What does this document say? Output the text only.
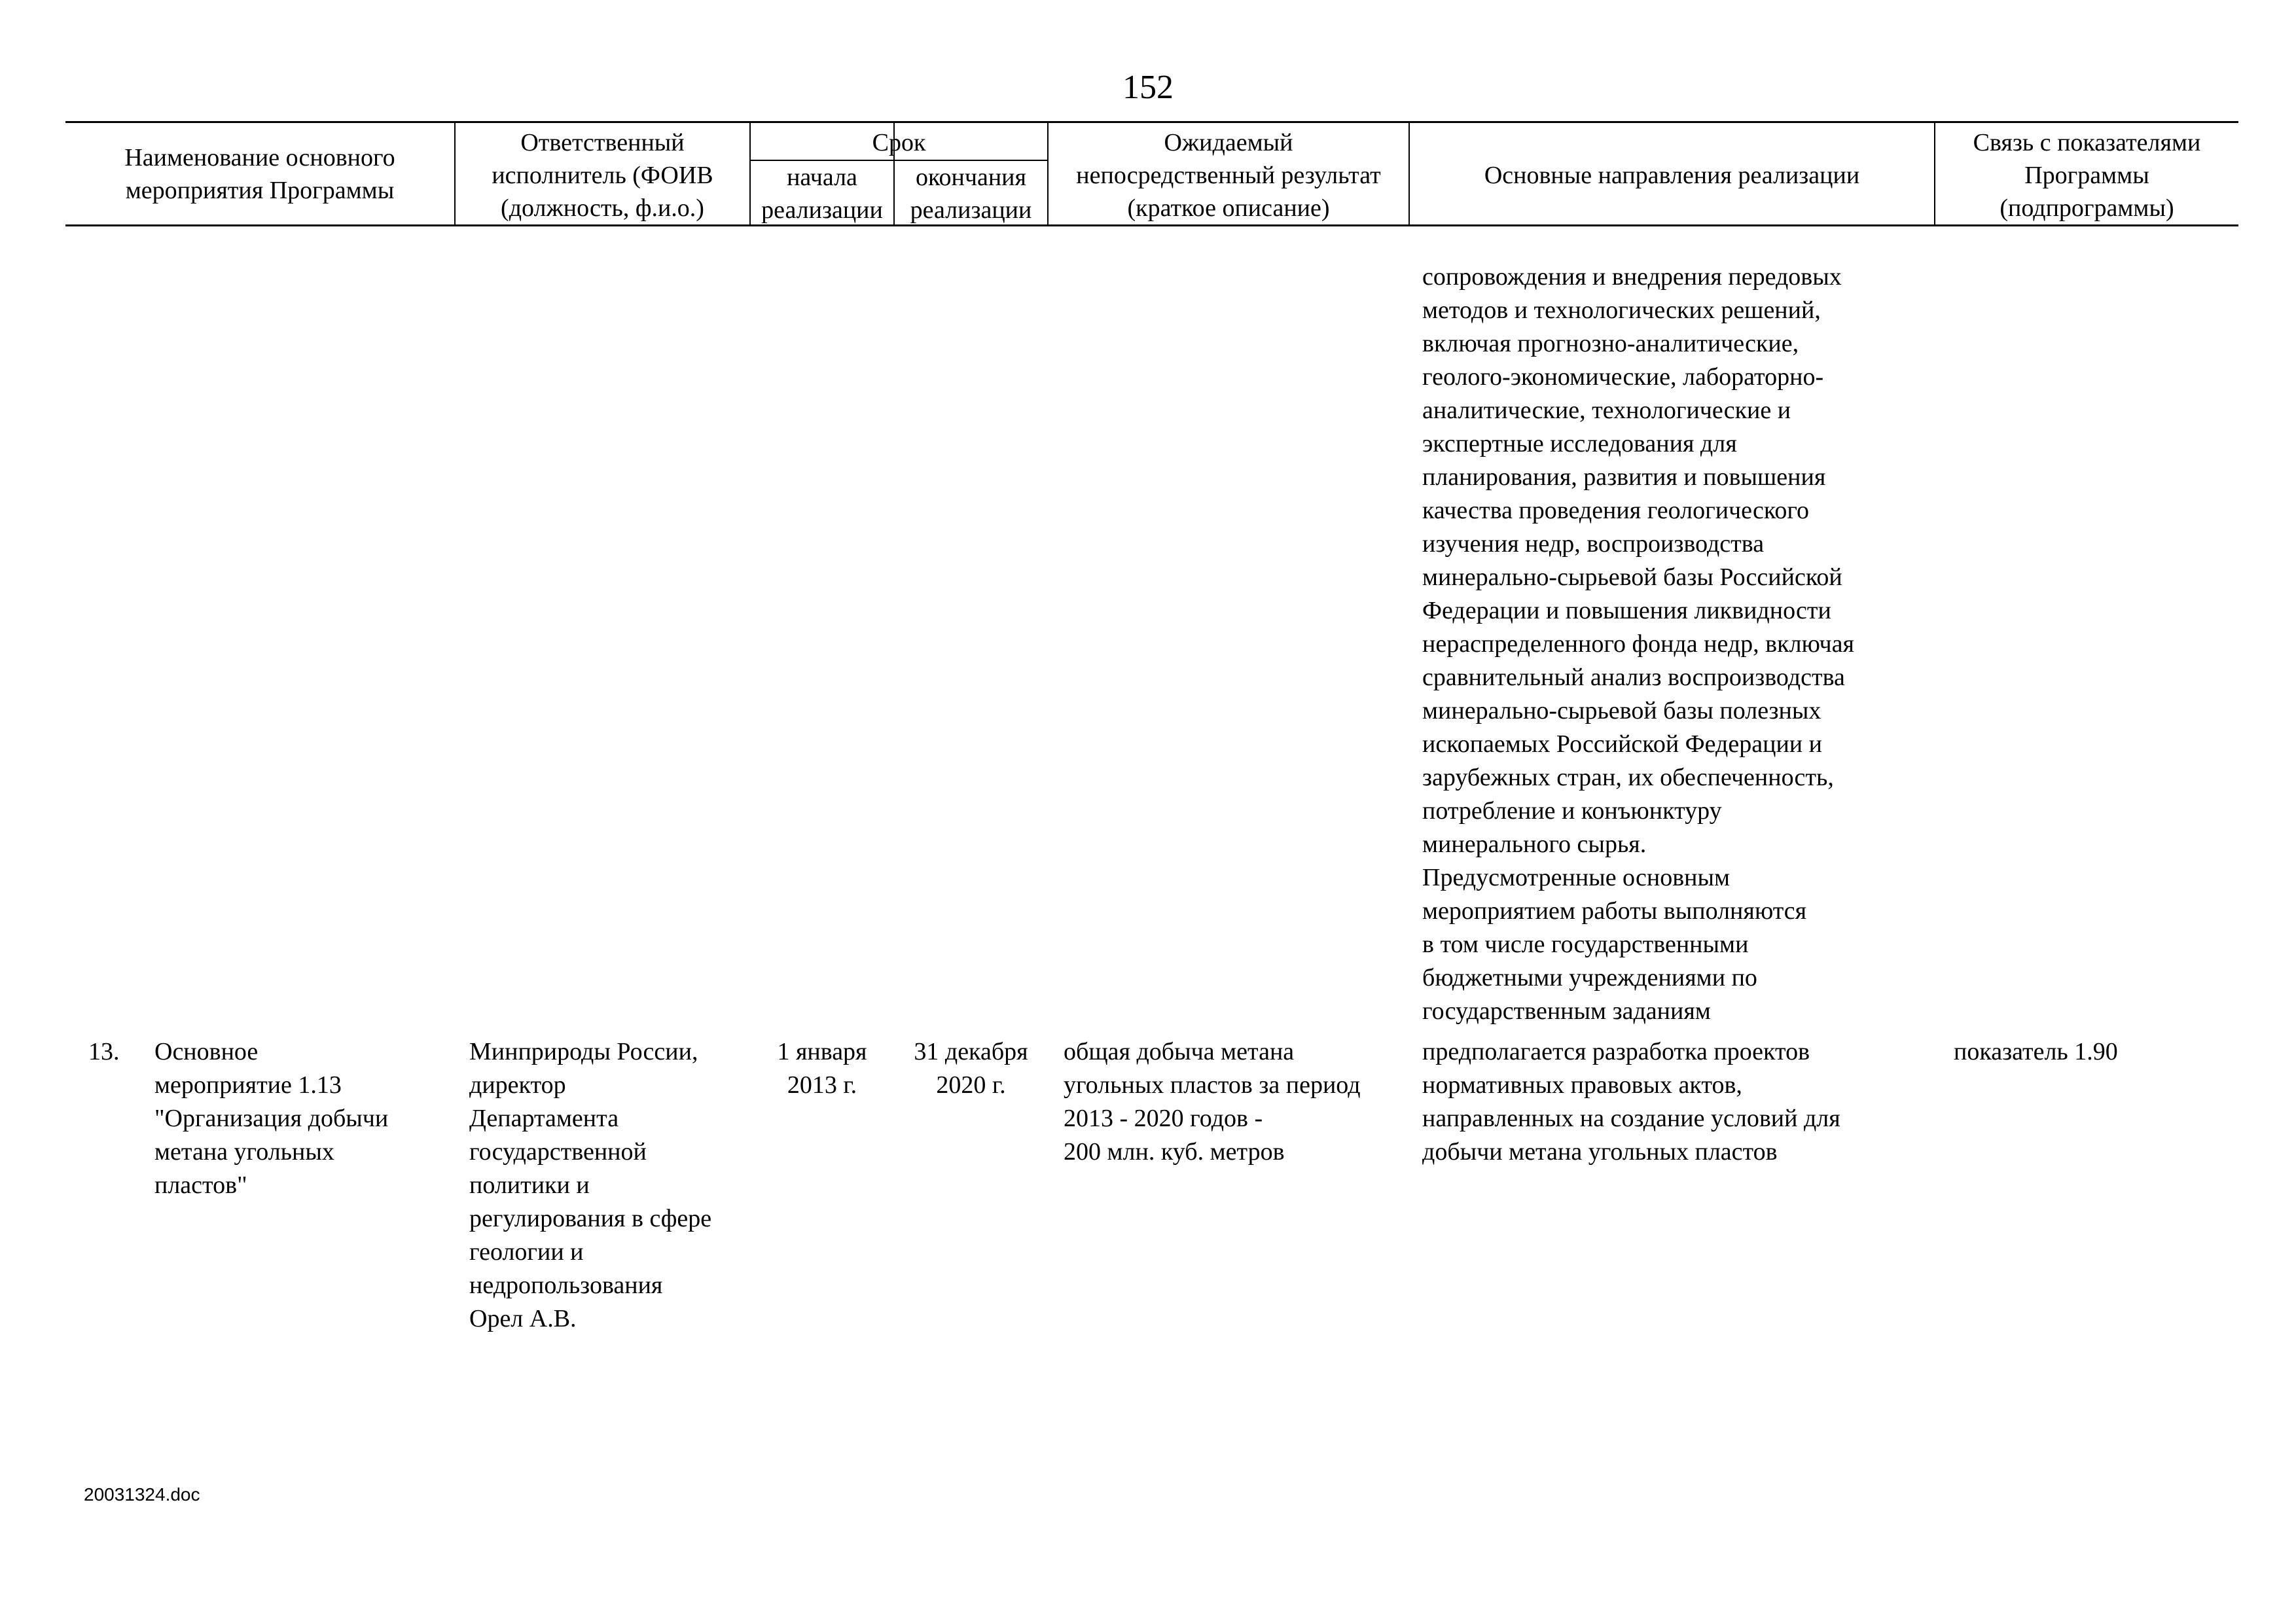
152
Наименование основного
мероприятия Программы
Ответственный
исполнитель (ФОИВ
(должность, ф.и.о.)
Срок
начала
реализации
окончания
реализации
Ожидаемый
непосредственный результат
(краткое описание)
Основные направления реализации
Связь с показателями
Программы
(подпрограммы)
сопровождения и внедрения передовых
методов и технологических решений,
включая прогнозно-аналитические,
геолого-экономические, лабораторно-
аналитические, технологические и
экспертные исследования для
планирования, развития и повышения
качества проведения геологического
изучения недр, воспроизводства
минерально-сырьевой базы Российской
Федерации и повышения ликвидности
нераспределенного фонда недр, включая
сравнительный анализ воспроизводства
минерально-сырьевой базы полезных
ископаемых Российской Федерации и
зарубежных стран, их обеспеченность,
потребление и конъюнктуру
минерального сырья.
Предусмотренные основным
мероприятием работы выполняются
в том числе государственными
бюджетными учреждениями по
государственным заданиям
13. Основное
мероприятие 1.13
"Организация добычи
метана угольных
пластов"
Минприроды России,
директор
Департамента
государственной
политики и
регулирования в сфере
геологии и
недропользования
Орел А.В.
1 января
2013 г.
31 декабря
2020 г.
общая добыча метана
угольных пластов за период
2013 - 2020 годов -
200 млн. куб. метров
предполагается разработка проектов
нормативных правовых актов,
направленных на создание условий для
добычи метана угольных пластов
показатель 1.90
20031324.doc
